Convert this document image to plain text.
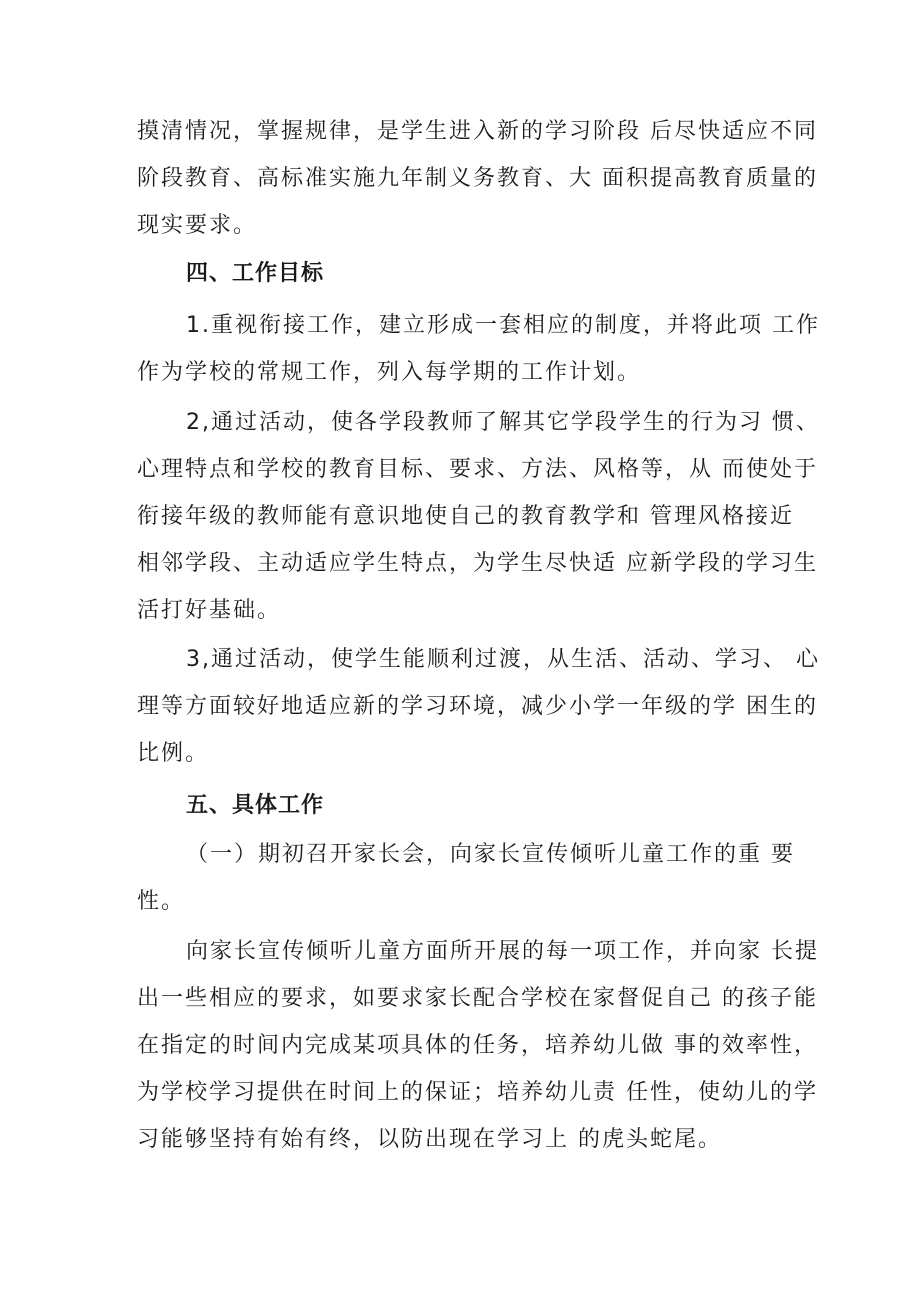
摸清情况，掌握规律，是学生进入新的学习阶段 后尽快适应不同
阶段教育、高标准实施九年制义务教育、大 面积提高教育质量的
现实要求。
四、工作目标
1.重视衔接工作，建立形成一套相应的制度，并将此项 工作
作为学校的常规工作，列入每学期的工作计划。
2,通过活动，使各学段教师了解其它学段学生的行为习 惯、
心理特点和学校的教育目标、要求、方法、风格等，从 而使处于
衔接年级的教师能有意识地使自己的教育教学和 管理风格接近
相邻学段、主动适应学生特点，为学生尽快适 应新学段的学习生
活打好基础。
3,通过活动，使学生能顺利过渡，从生活、活动、学习、 心
理等方面较好地适应新的学习环境，减少小学一年级的学 困生的
比例。
五、具体工作
（一）期初召开家长会，向家长宣传倾听儿童工作的重 要
性。
向家长宣传倾听儿童方面所开展的每一项工作，并向家 长提
出一些相应的要求，如要求家长配合学校在家督促自己 的孩子能
在指定的时间内完成某项具体的任务，培养幼儿做 事的效率性，
为学校学习提供在时间上的保证；培养幼儿责 任性，使幼儿的学
习能够坚持有始有终，以防出现在学习上 的虎头蛇尾。
